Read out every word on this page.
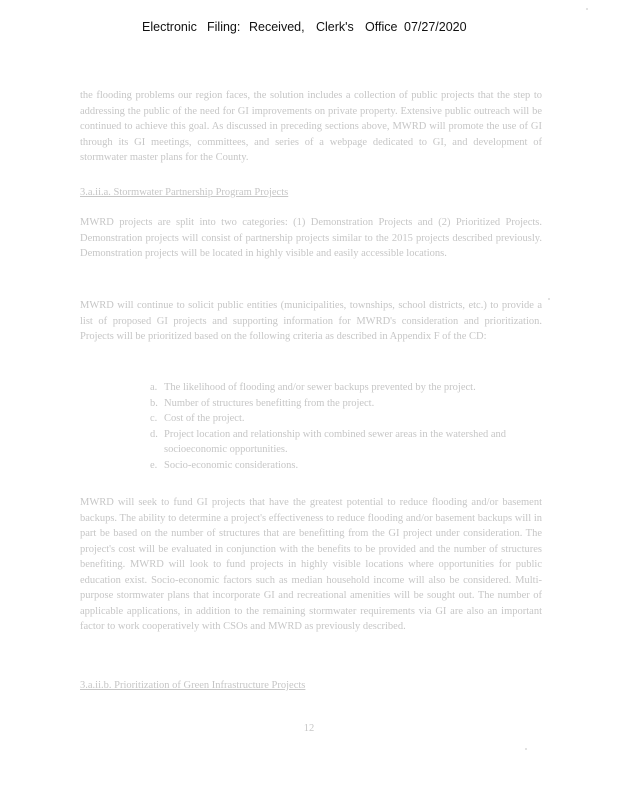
Electronic Filing: Received, Clerk's Office 07/27/2020
the flooding problems our region faces, the solution includes a collection of public projects that the step to addressing the public of the need for GI improvements on private property. Extensive public outreach will be continued to achieve this goal. As discussed in preceding sections above, MWRD will promote the use of GI through its GI meetings, committees, and series of a webpage dedicated to GI, and development of stormwater master plans for the County.
3.a.ii.a. Stormwater Partnership Program Projects
MWRD projects are split into two categories: (1) Demonstration Projects and (2) Prioritized Projects. Demonstration projects will consist of partnership projects similar to the 2015 projects described previously. Demonstration projects will be located in highly visible and easily accessible locations.
MWRD will continue to solicit public entities (municipalities, townships, school districts, etc.) to provide a list of proposed GI projects and supporting information for MWRD's consideration and prioritization. Projects will be prioritized based on the following criteria as described in Appendix F of the CD:
a. The likelihood of flooding and/or sewer backups prevented by the project.
b. Number of structures benefitting from the project.
c. Cost of the project.
d. Project location and relationship with combined sewer areas in the watershed and socioeconomic opportunities.
e. Socio-economic considerations.
MWRD will seek to fund GI projects that have the greatest potential to reduce flooding and/or basement backups. The ability to determine a project's effectiveness to reduce flooding and/or basement backups will in part be based on the number of structures that are benefitting from the GI project under consideration. The project's cost will be evaluated in conjunction with the benefits to be provided and the number of structures benefiting. MWRD will look to fund projects in highly visible locations where opportunities for public education exist. Socio-economic factors such as median household income will also be considered. Multi-purpose stormwater plans that incorporate GI and recreational amenities will be sought out. The number of applicable applications, in addition to the remaining stormwater requirements via GI are also an important factor to work cooperatively with CSOs and MWRD as previously described.
3.a.ii.b. Prioritization of Green Infrastructure Projects
12
